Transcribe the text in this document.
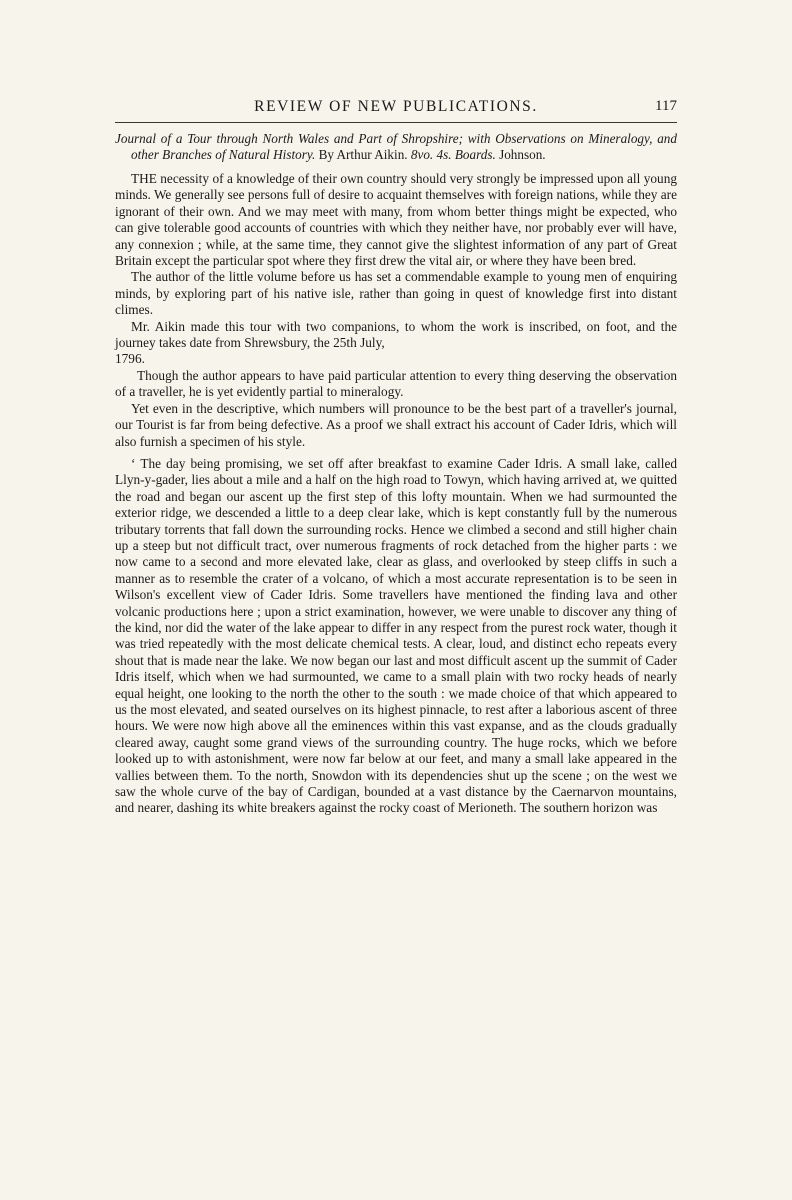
REVIEW OF NEW PUBLICATIONS.	117

Journal of a Tour through North Wales and Part of Shropshire; with Observations on Mineralogy, and other Branches of Natural History. By Arthur Aikin. 8vo. 4s. Boards. Johnson.

THE necessity of a knowledge of their own country should very strongly be impressed upon all young minds. We generally see persons full of desire to acquaint themselves with foreign nations, while they are ignorant of their own. And we may meet with many, from whom better things might be expected, who can give tolerable good accounts of countries with which they neither have, nor probably ever will have, any connexion ; while, at the same time, they cannot give the slightest information of any part of Great Britain except the particular spot where they first drew the vital air, or where they have been bred.

The author of the little volume before us has set a commendable example to young men of enquiring minds, by exploring part of his native isle, rather than going in quest of knowledge first into distant climes.

Mr. Aikin made this tour with two companions, to whom the work is inscribed, on foot, and the journey takes date from Shrewsbury, the 25th July,

1796.

Though the author appears to have paid particular attention to every thing deserving the observation of a traveller, he is yet evidently partial to mineralogy.

Yet even in the descriptive, which numbers will pronounce to be the best part of a traveller's journal, our Tourist is far from being defective. As a proof we shall extract his account of Cader Idris, which will also furnish a specimen of his style.

‘ The day being promising, we set off after breakfast to examine Cader Idris. A small lake, called Llyn-y-gader, lies about a mile and a half on the high road to Towyn, which having arrived at, we quitted the road and began our ascent up the first step of this lofty mountain. When we had surmounted the exterior ridge, we descended a little to a deep clear lake, which is kept constantly full by the numerous tributary torrents that fall down the surrounding rocks. Hence we climbed a second and still higher chain up a steep but not difficult tract, over numerous fragments of rock detached from the higher parts : we now came to a second and more elevated lake, clear as glass, and overlooked by steep cliffs in such a manner as to resemble the crater of a volcano, of which a most accurate representation is to be seen in Wilson's excellent view of Cader Idris. Some travellers have mentioned the finding lava and other volcanic productions here ; upon a strict examination, however, we were unable to discover any thing of the kind, nor did the water of the lake appear to differ in any respect from the purest rock water, though it was tried repeatedly with the most delicate chemical tests. A clear, loud, and distinct echo repeats every shout that is made near the lake. We now began our last and most difficult ascent up the summit of Cader Idris itself, which when we had surmounted, we came to a small plain with two rocky heads of nearly equal height, one looking to the north the other to the south : we made choice of that which appeared to us the most elevated, and seated ourselves on its highest pinnacle, to rest after a laborious ascent of three hours. We were now high above all the eminences within this vast expanse, and as the clouds gradually cleared away, caught some grand views of the surrounding country. The huge rocks, which we before looked up to with astonishment, were now far below at our feet, and many a small lake appeared in the vallies between them. To the north, Snowdon with its dependencies shut up the scene ; on the west we saw the whole curve of the bay of Cardigan, bounded at a vast distance by the Caernarvon mountains, and nearer, dashing its white breakers against the rocky coast of Merioneth. The southern horizon was
